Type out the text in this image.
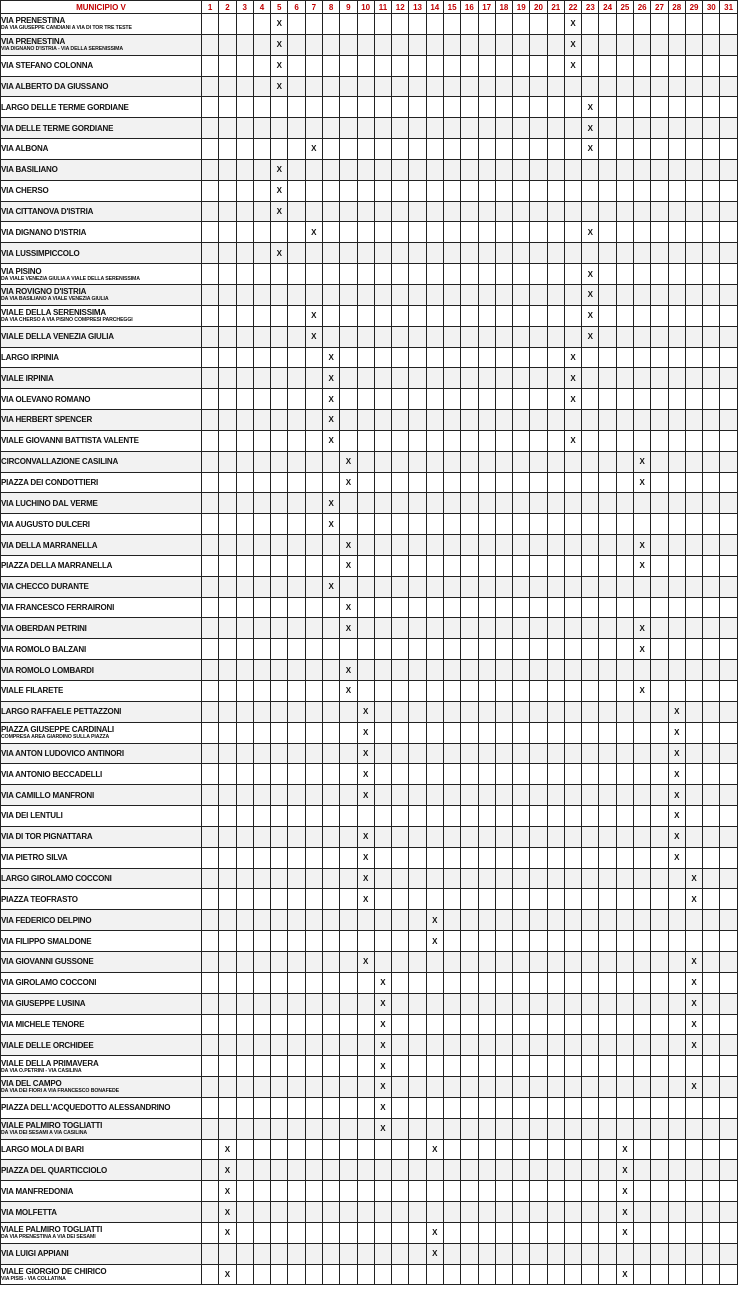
MUNICIPIO V	1	2	3	4	5	6	7	8	9	10	11	12	13	14	15	16	17	18	19	20	21	22	23	24	25	26	27	28	29	30	31

VIA PRENESTINA
DA VIA GIUSEPPE CANDIANI A VIA DI TOR TRE TESTE					X																	X									

VIA PRENESTINA
VIA DIGNANO D'ISTRIA - VIA DELLA SERENISSIMA					X																	X									

VIA STEFANO COLONNA					X																	X									

VIA ALBERTO DA GIUSSANO					X																										

LARGO DELLE TERME GORDIANE																							X								

VIA DELLE TERME GORDIANE																							X								

VIA ALBONA							X																X								

VIA BASILIANO					X																										

VIA CHERSO					X																										

VIA CITTANOVA D'ISTRIA					X																										

VIA DIGNANO D'ISTRIA							X																X								

VIA LUSSIMPICCOLO					X																										

VIA PISINO
DA VIALE VENEZIA GIULIA A VIALE DELLA SERENISSIMA																							X								

VIA ROVIGNO D'ISTRIA
DA VIA BASILIANO A VIALE VENEZIA GIULIA																							X								

VIALE DELLA SERENISSIMA
DA VIA CHERSO A VIA PISINO COMPRESI PARCHEGGI							X																X								

VIALE DELLA VENEZIA GIULIA							X																X								

LARGO IRPINIA								X														X									

VIALE IRPINIA								X														X									

VIA OLEVANO ROMANO								X														X									

VIA HERBERT SPENCER								X																							

VIALE GIOVANNI BATTISTA VALENTE								X														X									

CIRCONVALLAZIONE CASILINA									X																	X					

PIAZZA DEI CONDOTTIERI									X																	X					

VIA LUCHINO DAL VERME								X																							

VIA AUGUSTO DULCERI								X																							

VIA DELLA MARRANELLA									X																	X					

PIAZZA DELLA MARRANELLA									X																	X					

VIA CHECCO DURANTE								X																							

VIA FRANCESCO FERRAIRONI									X																						

VIA OBERDAN PETRINI									X																	X					

VIA ROMOLO BALZANI																										X					

VIA ROMOLO LOMBARDI									X																						

VIALE FILARETE									X																	X					

LARGO RAFFAELE PETTAZZONI										X																		X			

PIAZZA GIUSEPPE CARDINALI
COMPRESA AREA GIARDINO SULLA PIAZZA										X																		X			

VIA ANTON LUDOVICO ANTINORI										X																		X			

VIA ANTONIO BECCADELLI										X																		X			

VIA CAMILLO MANFRONI										X																		X			

VIA DEI LENTULI																												X			

VIA DI TOR PIGNATTARA										X																		X			

VIA PIETRO SILVA										X																		X			

LARGO GIROLAMO COCCONI										X																			X		

PIAZZA TEOFRASTO										X																			X		

VIA FEDERICO DELPINO														X																	

VIA FILIPPO SMALDONE														X																	

VIA GIOVANNI GUSSONE										X																			X		

VIA GIROLAMO COCCONI											X																		X		

VIA GIUSEPPE LUSINA											X																		X		

VIA MICHELE TENORE											X																		X		

VIALE DELLE ORCHIDEE											X																		X		

VIALE DELLA PRIMAVERA
DA VIA O.PETRINI - VIA CASILINA											X																				

VIA DEL CAMPO
DA VIA DEI FIORI A VIA FRANCESCO BONAFEDE											X																		X		

PIAZZA DELL'ACQUEDOTTO ALESSANDRINO											X																				

VIALE PALMIRO TOGLIATTI
DA VIA DEI SESAMI A VIA CASILINA											X																				

LARGO MOLA DI BARI		X												X											X						

PIAZZA DEL QUARTICCIOLO		X																							X						

VIA MANFREDONIA		X																							X						

VIA MOLFETTA		X																							X						

VIALE PALMIRO TOGLIATTI
DA VIA PRENESTINA A VIA DEI SESAMI		X												X											X						

VIA LUIGI APPIANI														X																	

VIALE GIORGIO DE CHIRICO
VIA PISIS - VIA COLLATINA		X																							X						
